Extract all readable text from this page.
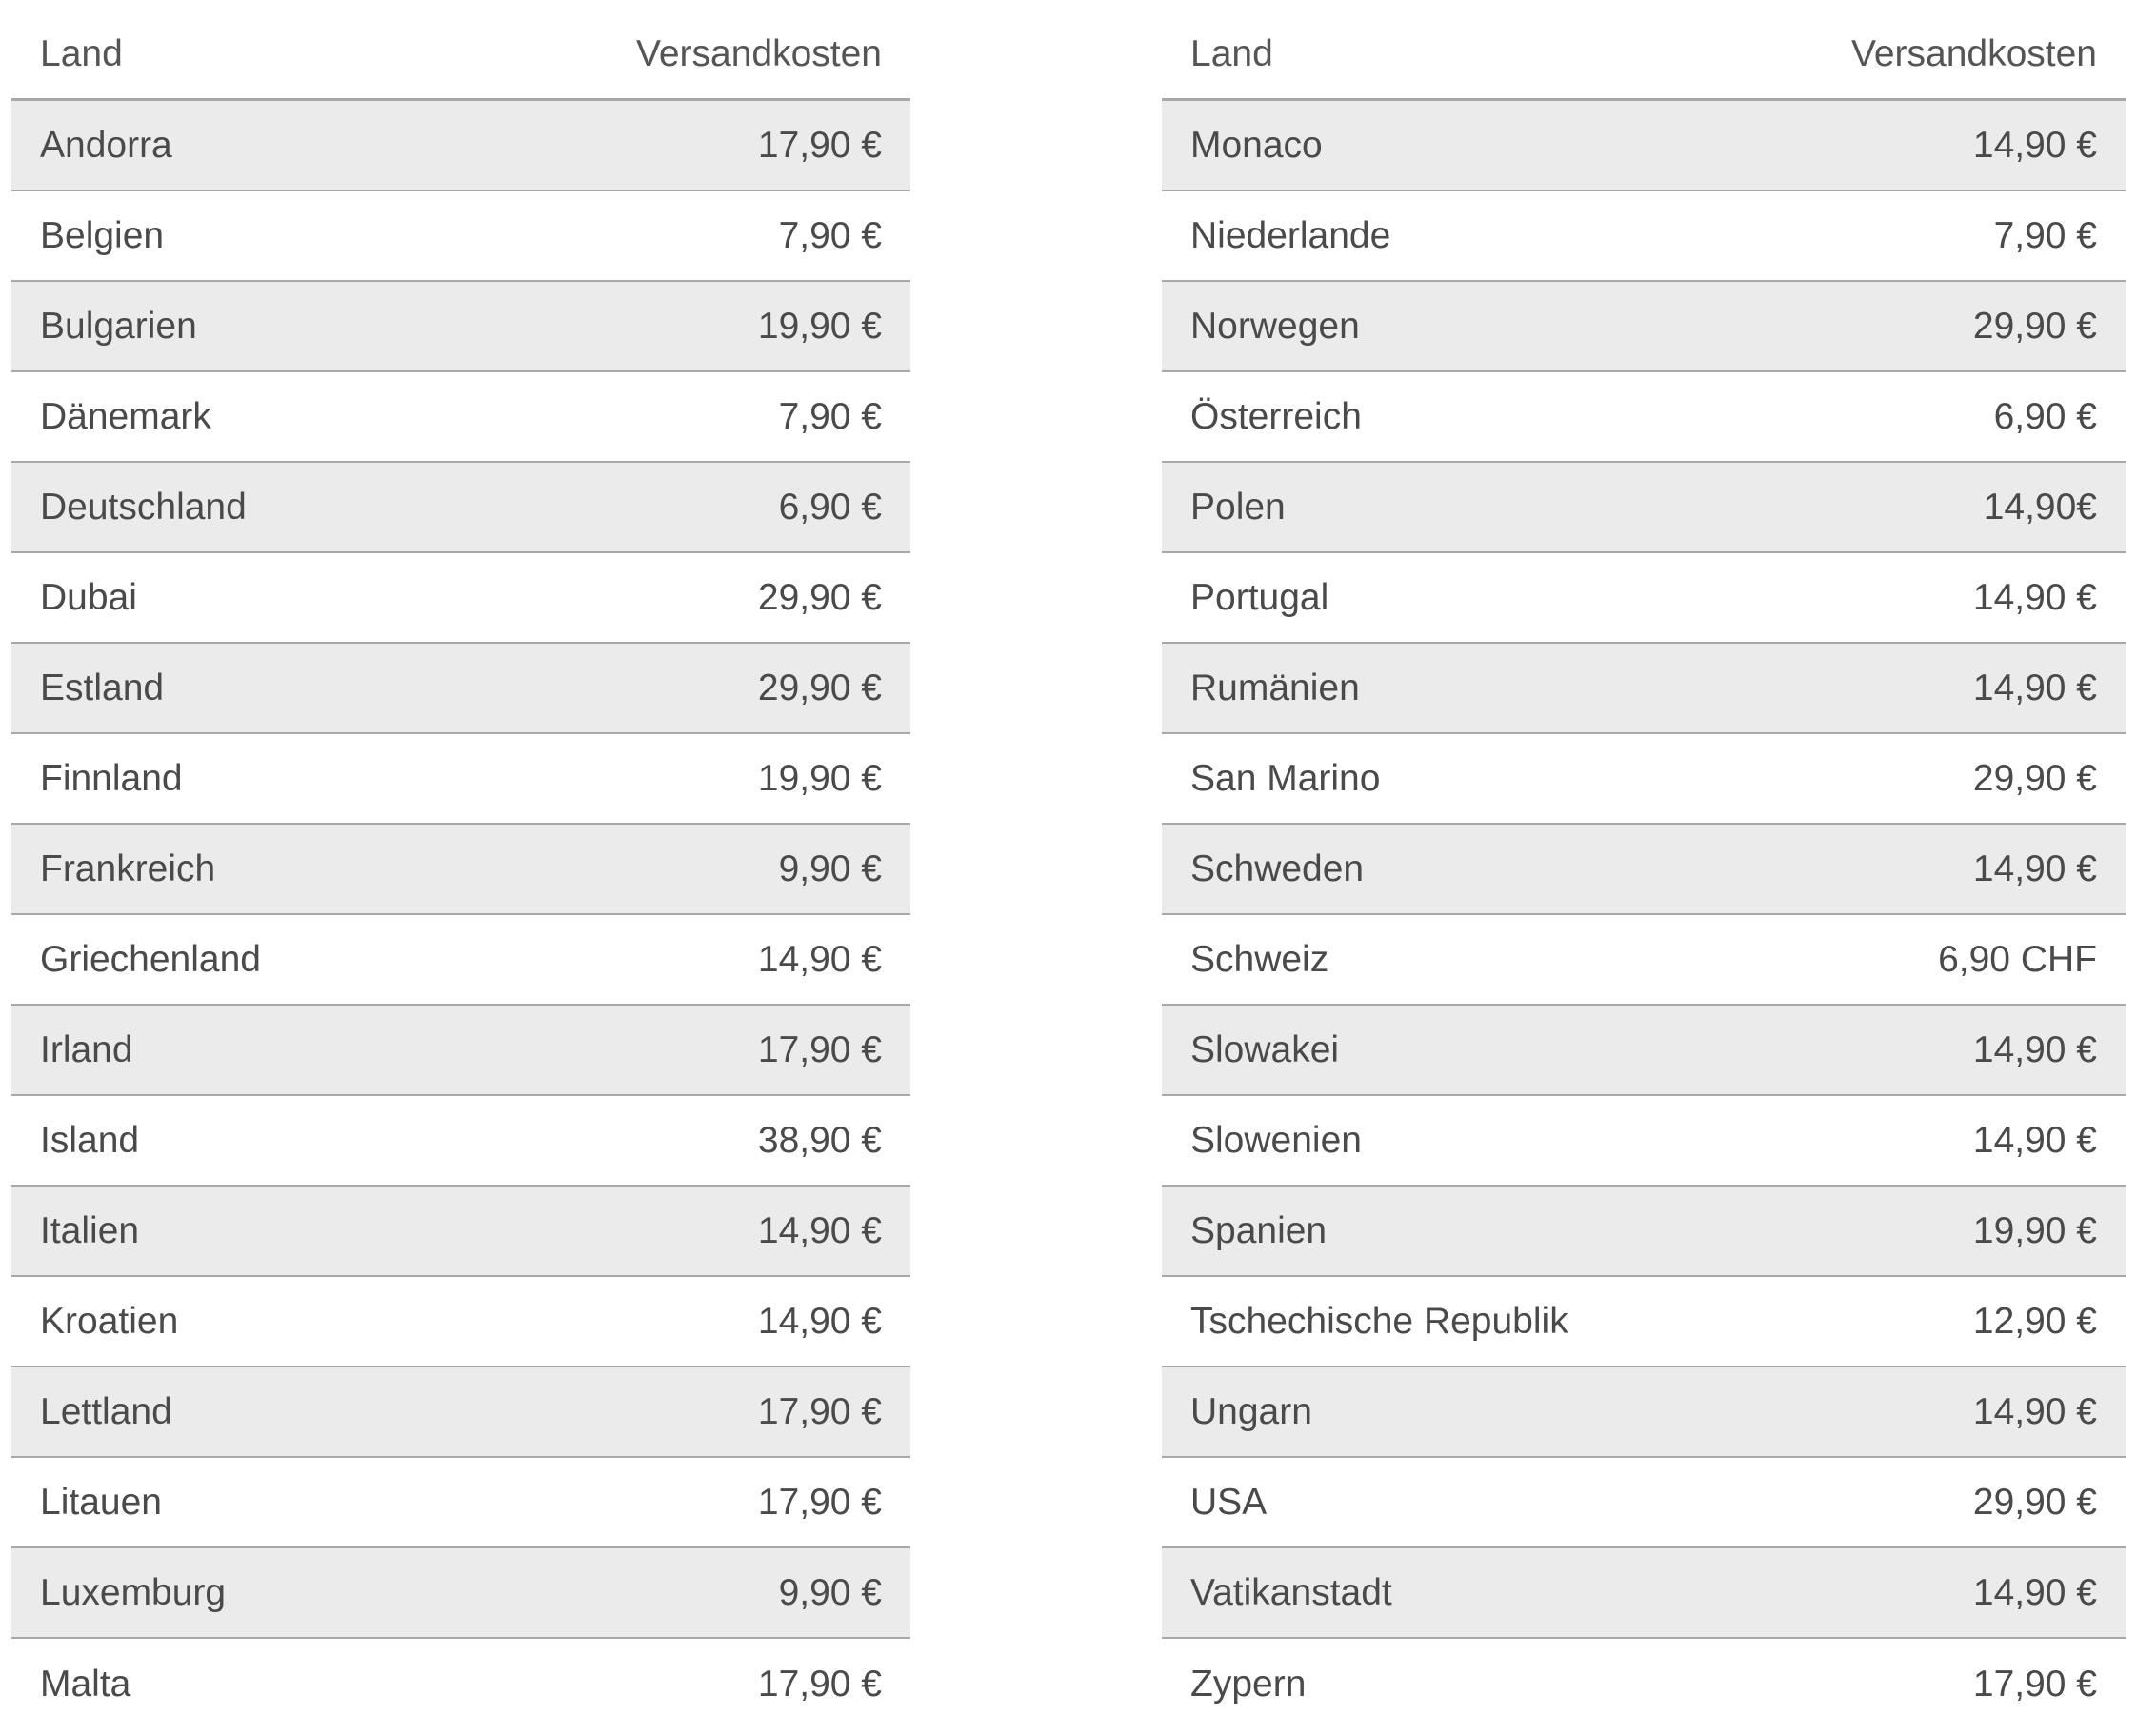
Land	Versandkosten
Andorra	17,90 €
Belgien	7,90 €
Bulgarien	19,90 €
Dänemark	7,90 €
Deutschland	6,90 €
Dubai	29,90 €
Estland	29,90 €
Finnland	19,90 €
Frankreich	9,90 €
Griechenland	14,90 €
Irland	17,90 €
Island	38,90 €
Italien	14,90 €
Kroatien	14,90 €
Lettland	17,90 €
Litauen	17,90 €
Luxemburg	9,90 €
Malta	17,90 €
Land	Versandkosten
Monaco	14,90 €
Niederlande	7,90 €
Norwegen	29,90 €
Österreich	6,90 €
Polen	14,90€
Portugal	14,90 €
Rumänien	14,90 €
San Marino	29,90 €
Schweden	14,90 €
Schweiz	6,90 CHF
Slowakei	14,90 €
Slowenien	14,90 €
Spanien	19,90 €
Tschechische Republik	12,90 €
Ungarn	14,90 €
USA	29,90 €
Vatikanstadt	14,90 €
Zypern	17,90 €
